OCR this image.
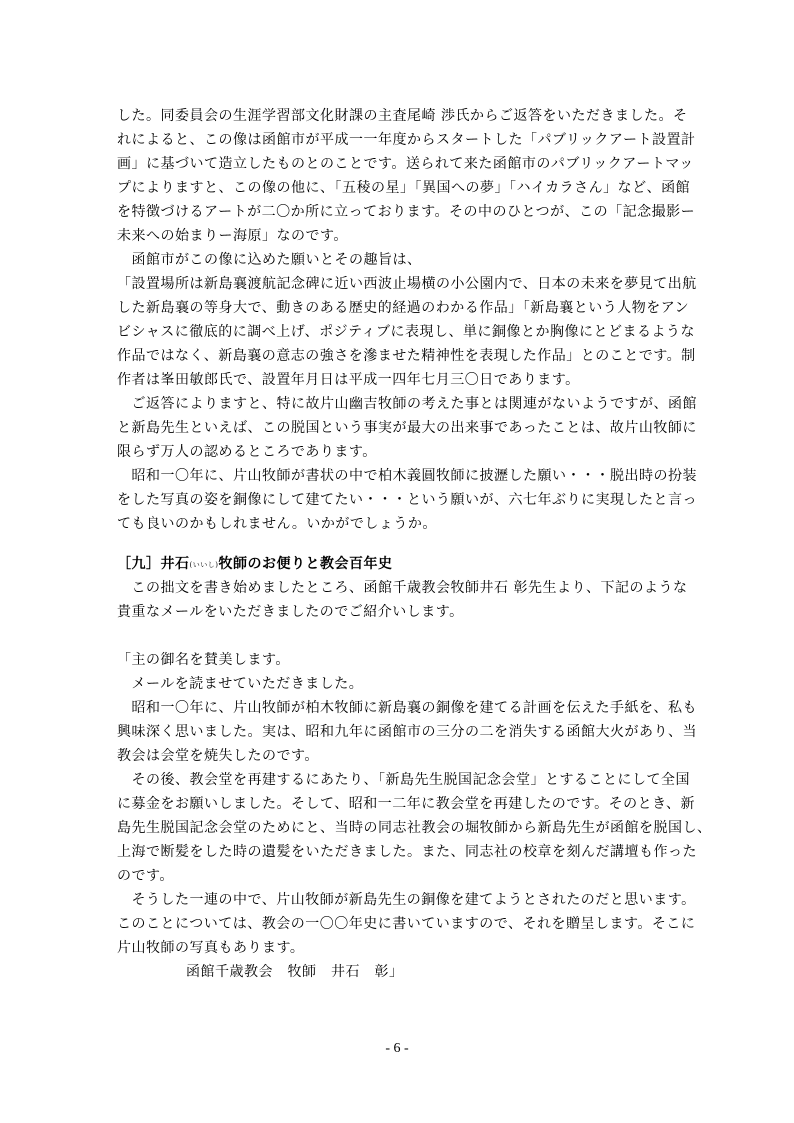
した。同委員会の生涯学習部文化財課の主査尾崎 渉氏からご返答をいただきました。そ
れによると、この像は函館市が平成一一年度からスタートした「パブリックアート設置計
画」に基づいて造立したものとのことです。送られて来た函館市のパブリックアートマッ
プによりますと、この像の他に、「五稜の星」「異国への夢」「ハイカラさん」など、函館
を特徴づけるアートが二〇か所に立っております。その中のひとつが、この「記念撮影ー
未来への始まりー海原」なのです。
　函館市がこの像に込めた願いとその趣旨は、
「設置場所は新島襄渡航記念碑に近い西波止場横の小公園内で、日本の未来を夢見て出航
した新島襄の等身大で、動きのある歴史的経過のわかる作品」「新島襄という人物をアン
ビシャスに徹底的に調べ上げ、ポジティブに表現し、単に銅像とか胸像にとどまるような
作品ではなく、新島襄の意志の強さを滲ませた精神性を表現した作品」とのことです。制
作者は峯田敏郎氏で、設置年月日は平成一四年七月三〇日であります。
　ご返答によりますと、特に故片山幽吉牧師の考えた事とは関連がないようですが、函館
と新島先生といえば、この脱国という事実が最大の出来事であったことは、故片山牧師に
限らず万人の認めるところであります。
　昭和一〇年に、片山牧師が書状の中で柏木義圓牧師に披瀝した願い・・・脱出時の扮装
をした写真の姿を銅像にして建てたい・・・という願いが、六七年ぶりに実現したと言っ
ても良いのかもしれません。いかがでしょうか。
［九］井石(いいし)牧師のお便りと教会百年史
　この拙文を書き始めましたところ、函館千歳教会牧師井石 彰先生より、下記のような
貴重なメールをいただきましたのでご紹介いします。
「主の御名を賛美します。
　メールを読ませていただきました。
　昭和一〇年に、片山牧師が柏木牧師に新島襄の銅像を建てる計画を伝えた手紙を、私も
興味深く思いました。実は、昭和九年に函館市の三分の二を消失する函館大火があり、当
教会は会堂を焼失したのです。
　その後、教会堂を再建するにあたり、「新島先生脱国記念会堂」とすることにして全国
に募金をお願いしました。そして、昭和一二年に教会堂を再建したのです。そのとき、新
島先生脱国記念会堂のためにと、当時の同志社教会の堀牧師から新島先生が函館を脱国し、
上海で断髪をした時の遺髪をいただきました。また、同志社の校章を刻んだ講壇も作った
のです。
　そうした一連の中で、片山牧師が新島先生の銅像を建てようとされたのだと思います。
このことについては、教会の一〇〇年史に書いていますので、それを贈呈します。そこに
片山牧師の写真もあります。
函館千歳教会　牧師　井石　彰」
- 6 -
